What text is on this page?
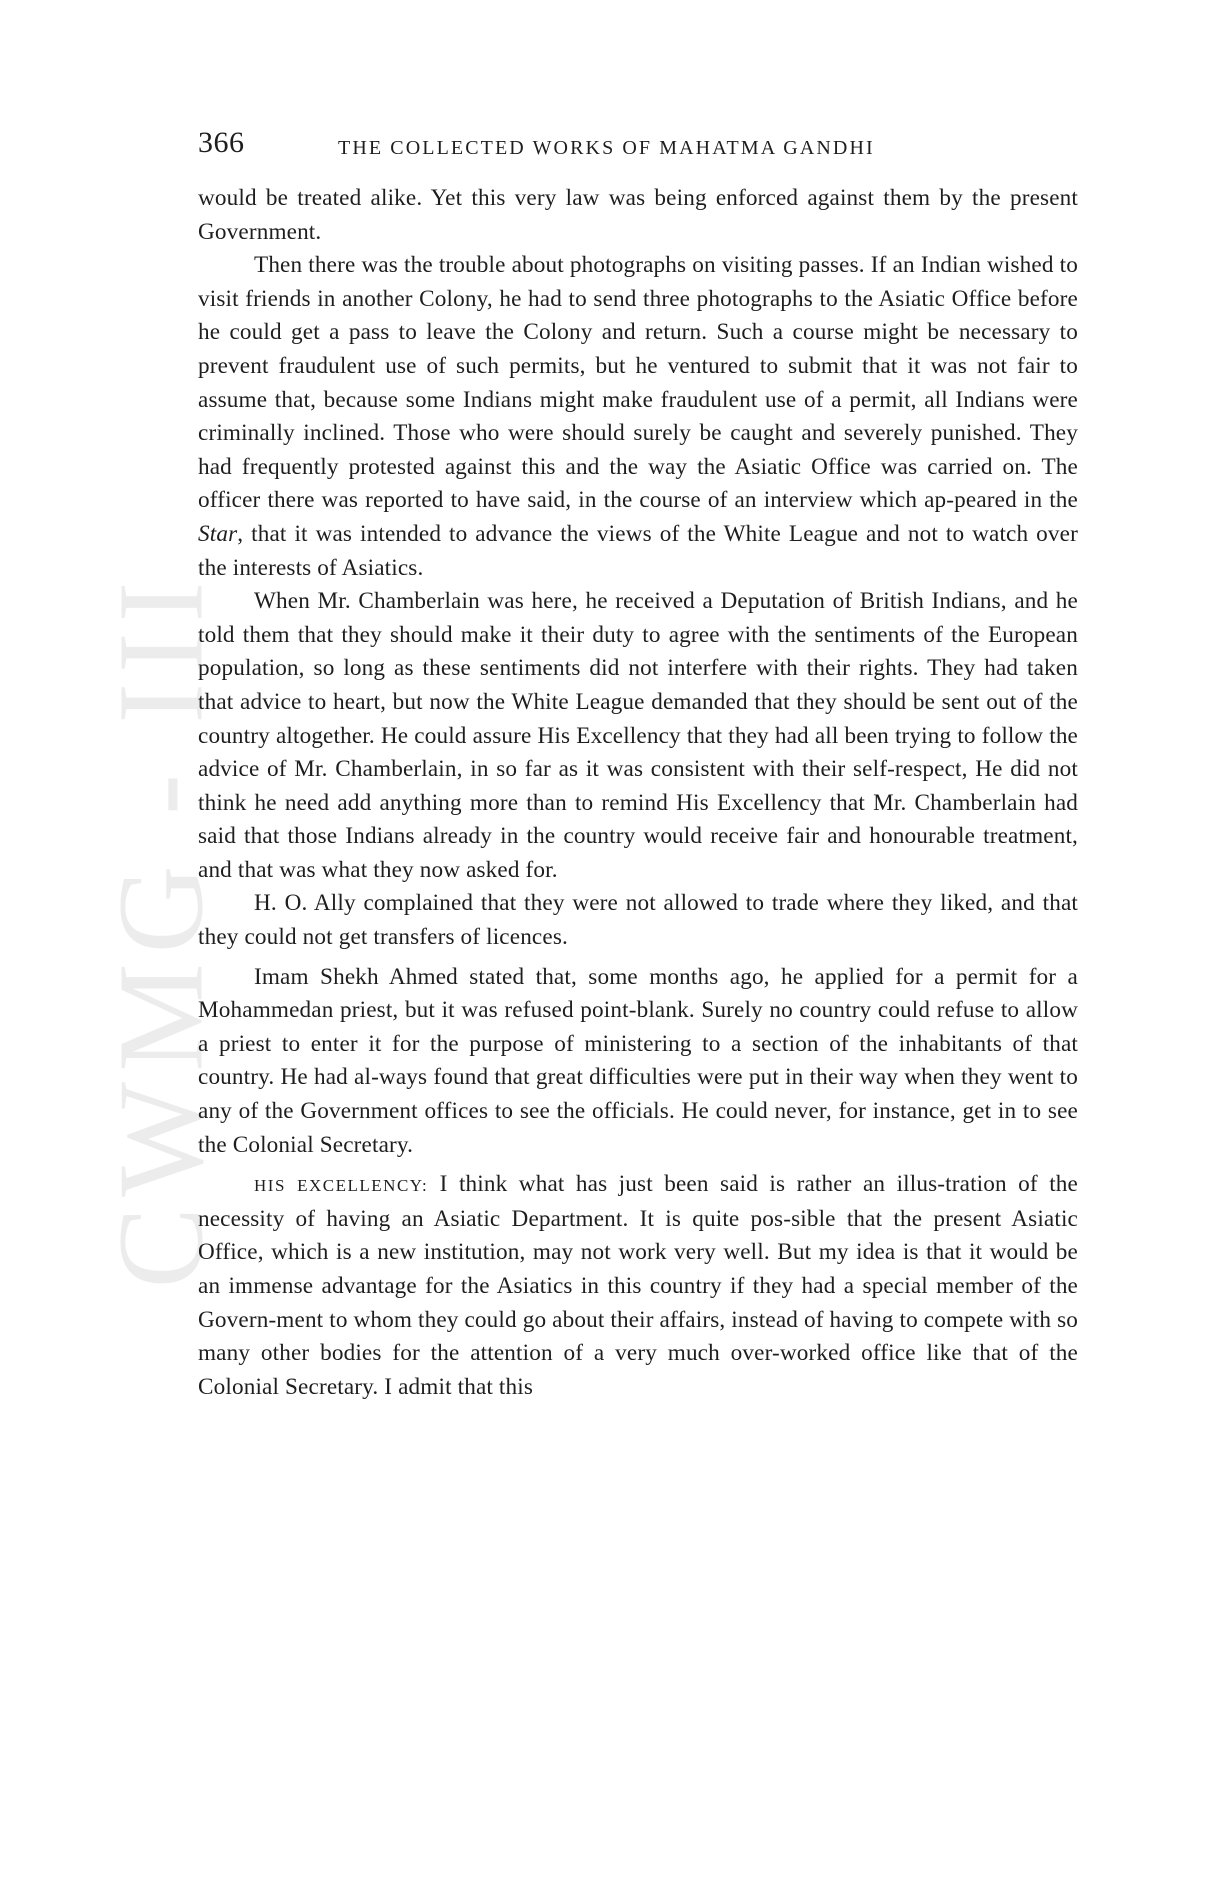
CWMG - III
366	THE COLLECTED WORKS OF MAHATMA GANDHI

would be treated alike. Yet this very law was being enforced against them by the present Government.

Then there was the trouble about photographs on visiting passes. If an Indian wished to visit friends in another Colony, he had to send three photographs to the Asiatic Office before he could get a pass to leave the Colony and return. Such a course might be necessary to prevent fraudulent use of such permits, but he ventured to submit that it was not fair to assume that, because some Indians might make fraudulent use of a permit, all Indians were criminally inclined. Those who were should surely be caught and severely punished. They had frequently protested against this and the way the Asiatic Office was carried on. The officer there was reported to have said, in the course of an interview which ap-peared in the Star, that it was intended to advance the views of the White League and not to watch over the interests of Asiatics.

When Mr. Chamberlain was here, he received a Deputation of British Indians, and he told them that they should make it their duty to agree with the sentiments of the European population, so long as these sentiments did not interfere with their rights. They had taken that advice to heart, but now the White League demanded that they should be sent out of the country altogether. He could assure His Excellency that they had all been trying to follow the advice of Mr. Chamberlain, in so far as it was consistent with their self-respect, He did not think he need add anything more than to remind His Excellency that Mr. Chamberlain had said that those Indians already in the country would receive fair and honourable treatment, and that was what they now asked for.

H. O. Ally complained that they were not allowed to trade where they liked, and that they could not get transfers of licences.

Imam Shekh Ahmed stated that, some months ago, he applied for a permit for a Mohammedan priest, but it was refused point-blank. Surely no country could refuse to allow a priest to enter it for the purpose of ministering to a section of the inhabitants of that country. He had al-ways found that great difficulties were put in their way when they went to any of the Government offices to see the officials. He could never, for instance, get in to see the Colonial Secretary.

HIS EXCELLENCY: I think what has just been said is rather an illus-tration of the necessity of having an Asiatic Department. It is quite pos-sible that the present Asiatic Office, which is a new institution, may not work very well. But my idea is that it would be an immense advantage for the Asiatics in this country if they had a special member of the Govern-ment to whom they could go about their affairs, instead of having to compete with so many other bodies for the attention of a very much over-worked office like that of the Colonial Secretary. I admit that this
